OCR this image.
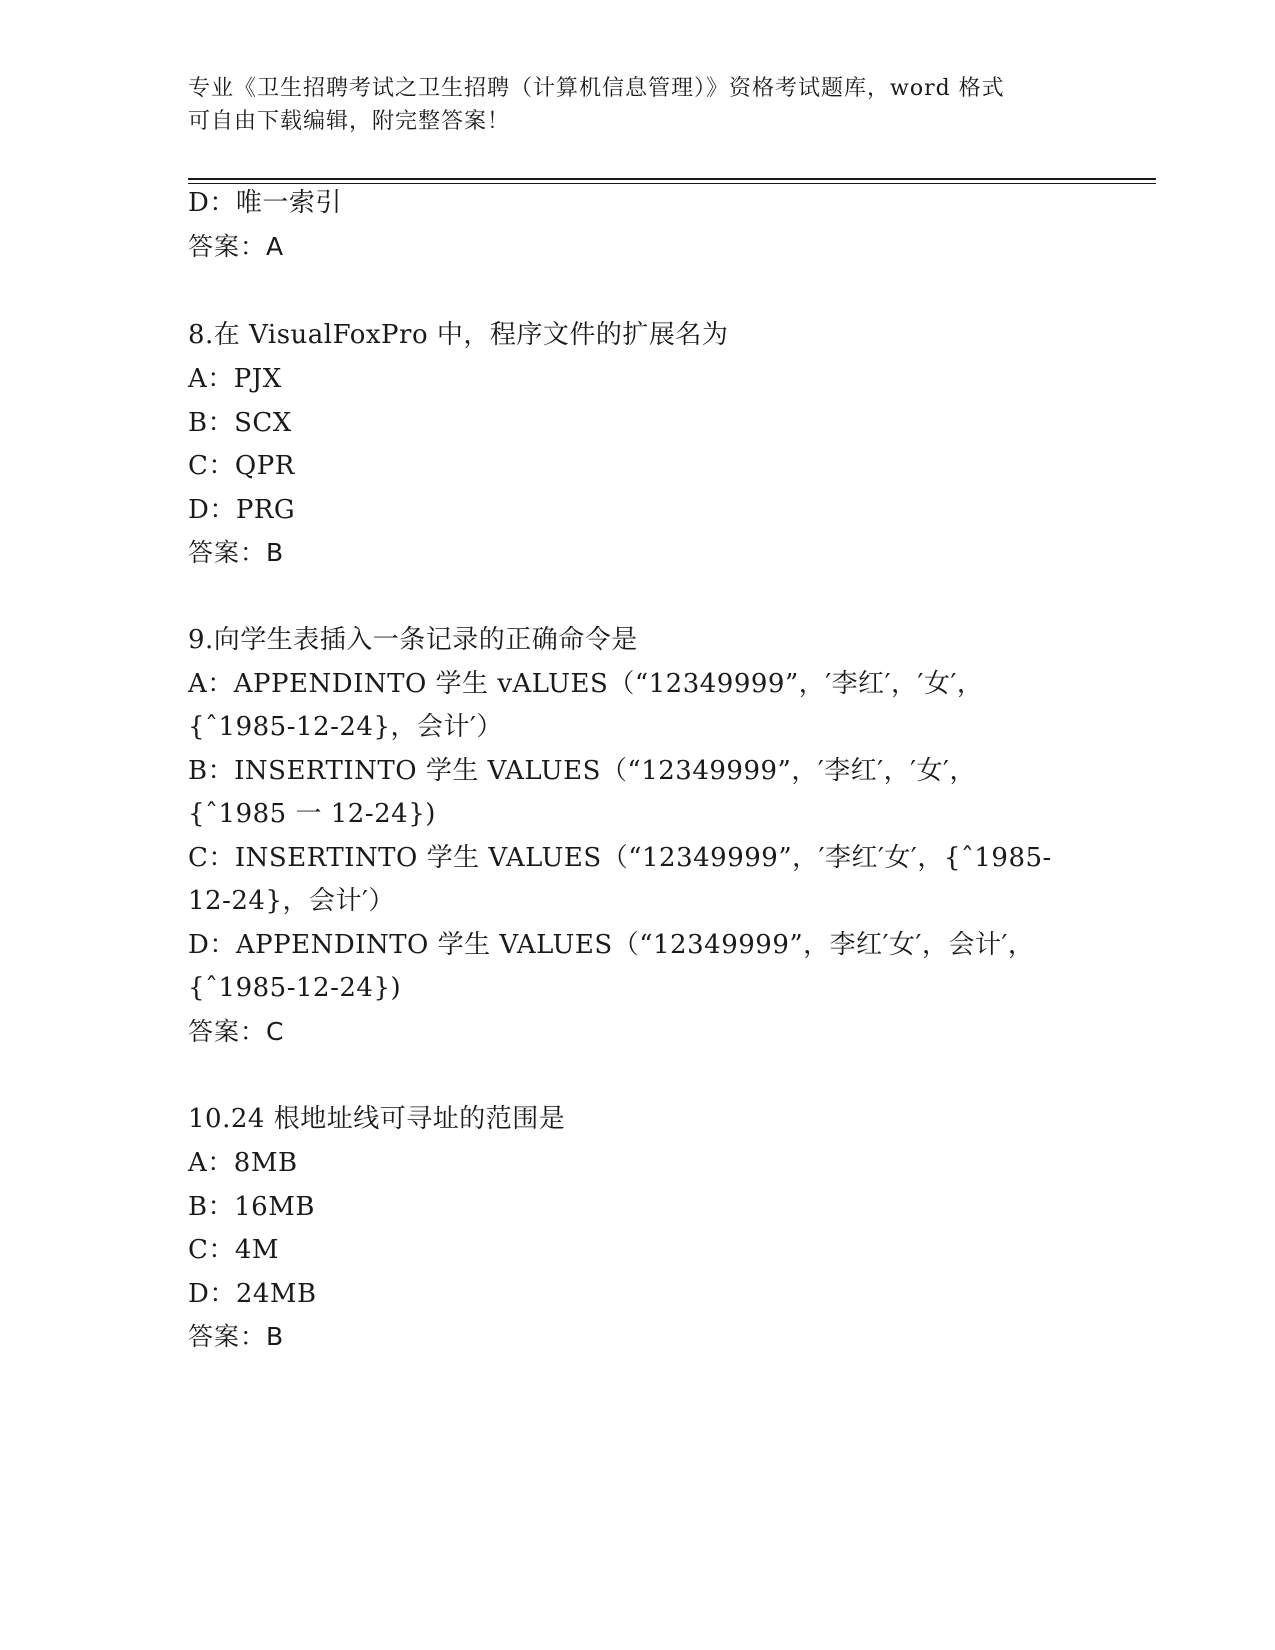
专业《卫生招聘考试之卫生招聘（计算机信息管理）》资格考试题库，word 格式
可自由下载编辑，附完整答案！
D：唯一索引
答案：A
8.在 VisualFoxPro 中，程序文件的扩展名为
A：PJX
B：SCX
C：QPR
D：PRG
答案：B
9.向学生表插入一条记录的正确命令是
A：APPENDINTO 学生 vALUES（“12349999”，′李红′，′女′，
{ˆ1985-12-24}，会计′）
B：INSERTINTO 学生 VALUES（“12349999”，′李红′，′女′，
{ˆ1985 一 12-24})
C：INSERTINTO 学生 VALUES（“12349999”，′李红′女′，{ˆ1985-
12-24}，会计′）
D：APPENDINTO 学生 VALUES（“12349999”，李红′女′，会计′，
{ˆ1985-12-24})
答案：C
10.24 根地址线可寻址的范围是
A：8MB
B：16MB
C：4M
D：24MB
答案：B
